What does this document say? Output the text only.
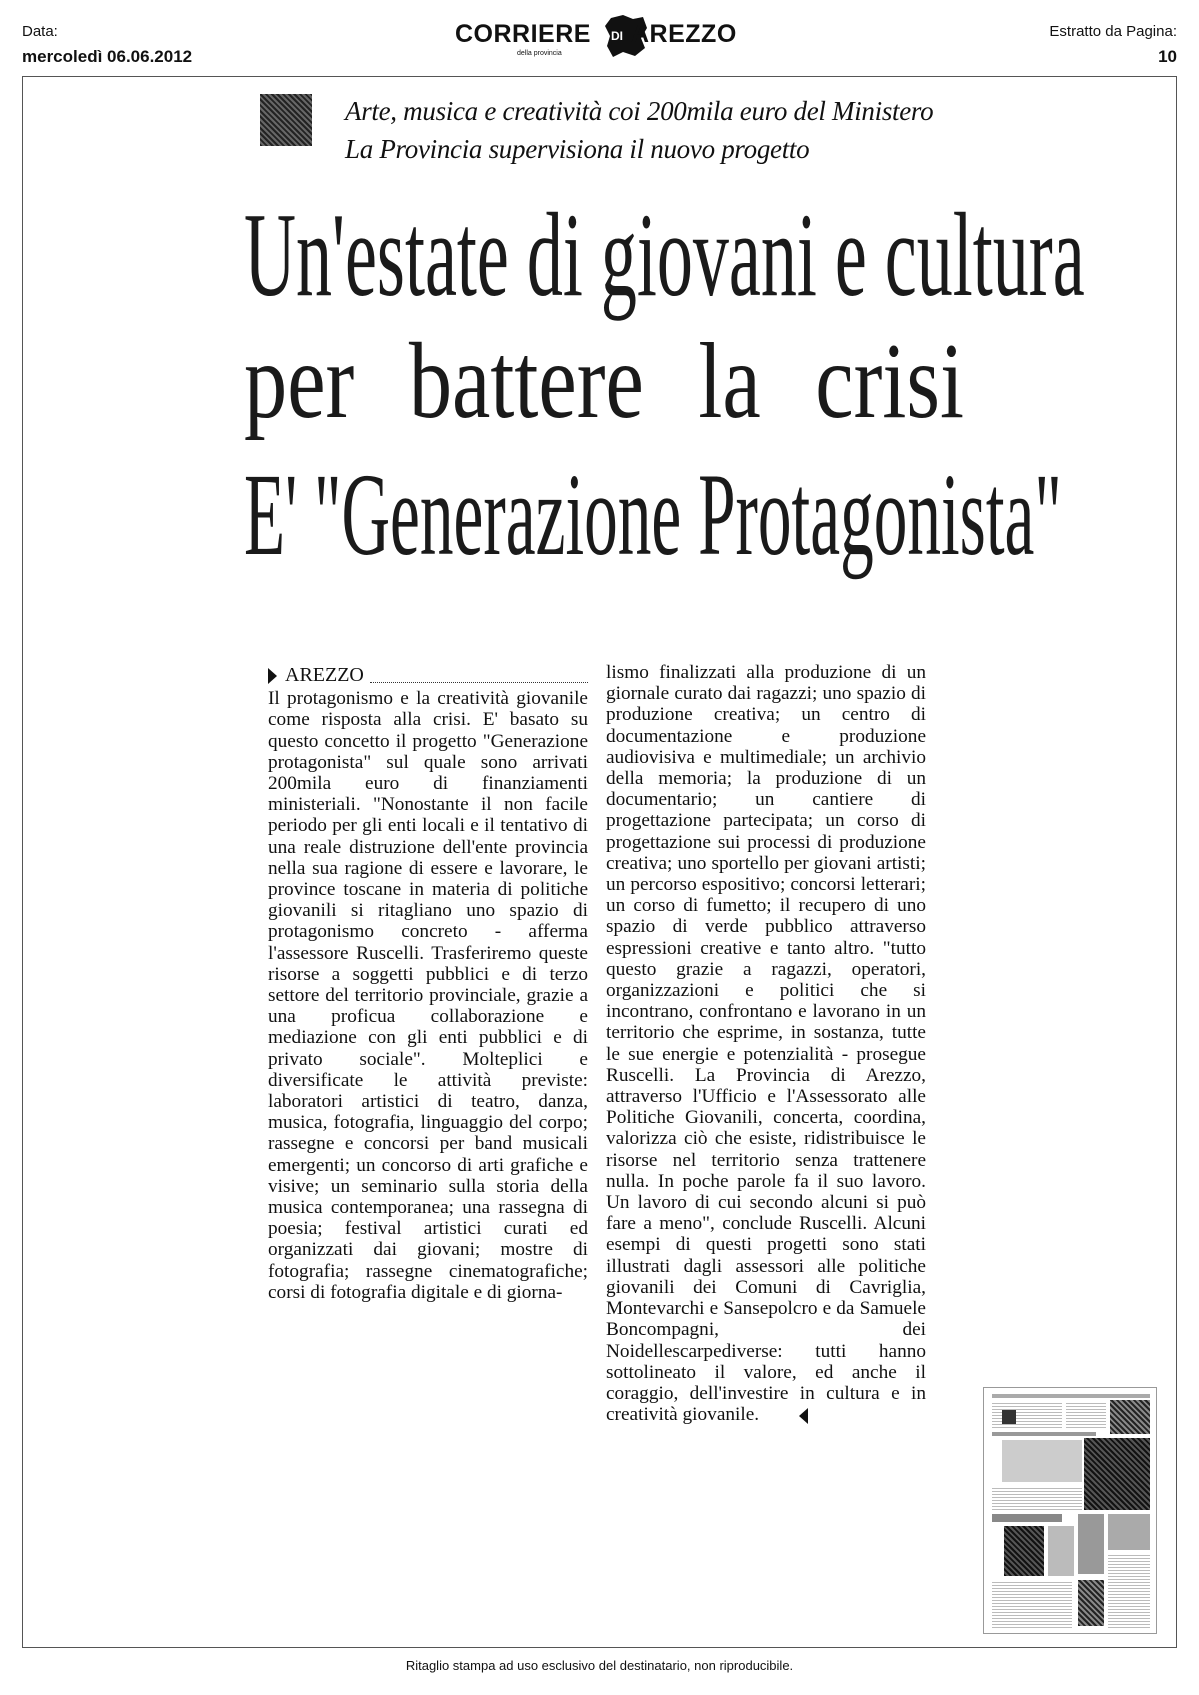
Data:
mercoledì 06.06.2012
CORRIERE DI AREZZO
della provincia
Estratto da Pagina:
10
Arte, musica e creatività coi 200mila euro del Ministero
La Provincia supervisiona il nuovo progetto
Un'estate di giovani e cultura
per battere la crisi
E' "Generazione Protagonista"
AREZZO

Il protagonismo e la creatività giovanile come risposta alla crisi. E' basato su questo concetto il progetto "Generazione protagonista" sul quale sono arrivati 200mila euro di finanziamenti ministeriali. "Nonostante il non facile periodo per gli enti locali e il tentativo di una reale distruzione dell'ente provincia nella sua ragione di essere e lavorare, le province toscane in materia di politiche giovanili si ritagliano uno spazio di protagonismo concreto - afferma l'assessore Ruscelli. Trasferiremo queste risorse a soggetti pubblici e di terzo settore del territorio provinciale, grazie a una proficua collaborazione e mediazione con gli enti pubblici e di privato sociale". Molteplici e diversificate le attività previste: laboratori artistici di teatro, danza, musica, fotografia, linguaggio del corpo; rassegne e concorsi per band musicali emergenti; un concorso di arti grafiche e visive; un seminario sulla storia della musica contemporanea; una rassegna di poesia; festival artistici curati ed organizzati dai giovani; mostre di fotografia; rassegne cinematografiche; corsi di fotografia digitale e di giorna-

lismo finalizzati alla produzione di un giornale curato dai ragazzi; uno spazio di produzione creativa; un centro di documentazione e produzione audiovisiva e multimediale; un archivio della memoria; la produzione di un documentario; un cantiere di progettazione partecipata; un corso di progettazione sui processi di produzione creativa; uno sportello per giovani artisti; un percorso espositivo; concorsi letterari; un corso di fumetto; il recupero di uno spazio di verde pubblico attraverso espressioni creative e tanto altro. "tutto questo grazie a ragazzi, operatori, organizzazioni e politici che si incontrano, confrontano e lavorano in un territorio che esprime, in sostanza, tutte le sue energie e potenzialità - prosegue Ruscelli. La Provincia di Arezzo, attraverso l'Ufficio e l'Assessorato alle Politiche Giovanili, concerta, coordina, valorizza ciò che esiste, ridistribuisce le risorse nel territorio senza trattenere nulla. In poche parole fa il suo lavoro. Un lavoro di cui secondo alcuni si può fare a meno", conclude Ruscelli. Alcuni esempi di questi progetti sono stati illustrati dagli assessori alle politiche giovanili dei Comuni di Cavriglia, Montevarchi e Sansepolcro e da Samuele Boncompagni, dei Noidellescarpediverse: tutti hanno sottolineato il valore, ed anche il coraggio, dell'investire in cultura e in creatività giovanile.

Ritaglio stampa ad uso esclusivo del destinatario, non riproducibile.
